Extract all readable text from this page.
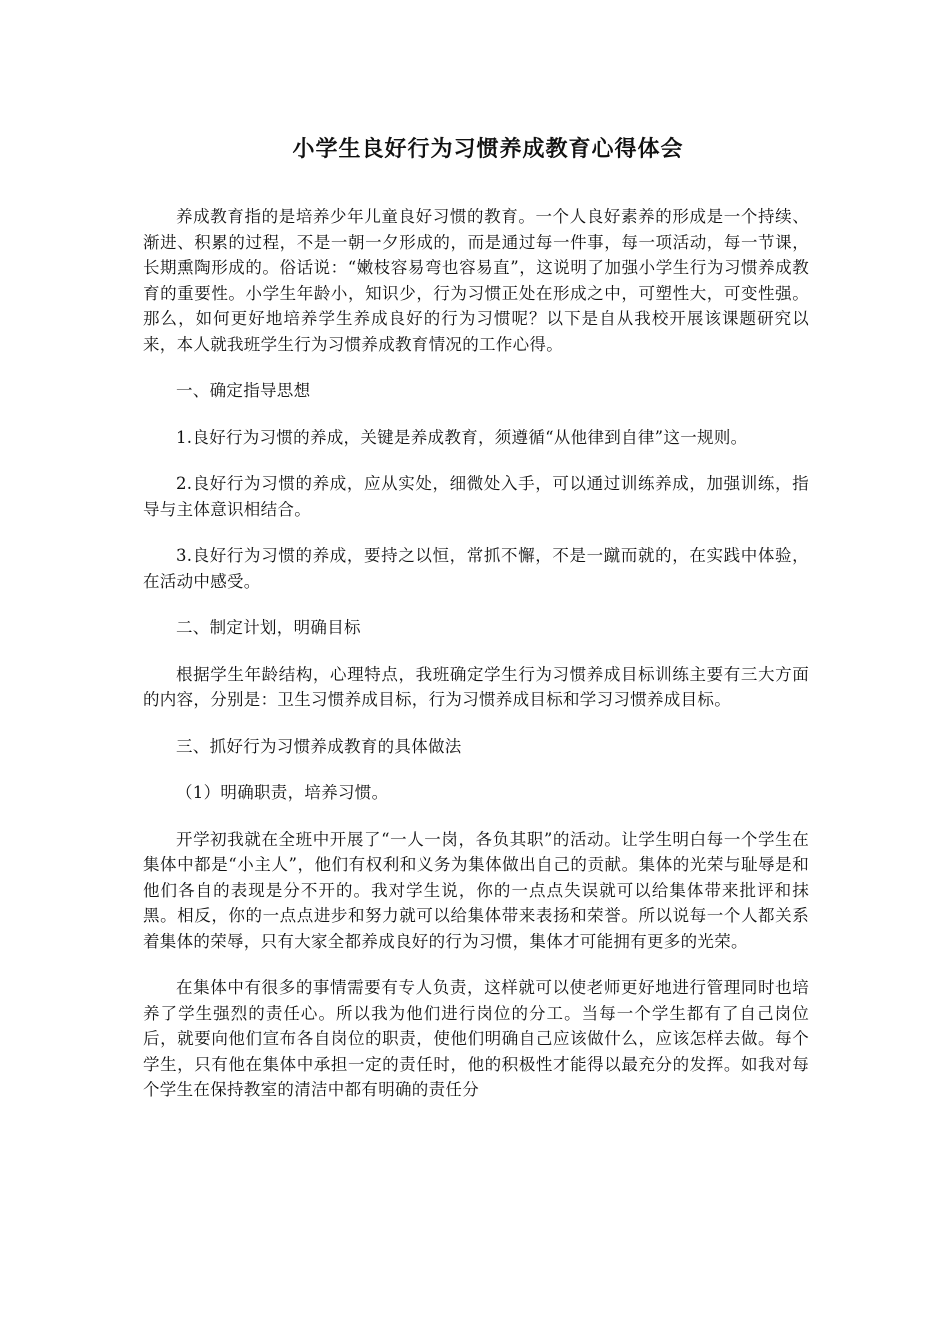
小学生良好行为习惯养成教育心得体会

养成教育指的是培养少年儿童良好习惯的教育。一个人良好素养的形成是一个持续、渐进、积累的过程，不是一朝一夕形成的，而是通过每一件事，每一项活动，每一节课，长期熏陶形成的。俗话说：“嫩枝容易弯也容易直”，这说明了加强小学生行为习惯养成教育的重要性。小学生年龄小，知识少，行为习惯正处在形成之中，可塑性大，可变性强。那么，如何更好地培养学生养成良好的行为习惯呢？以下是自从我校开展该课题研究以来，本人就我班学生行为习惯养成教育情况的工作心得。

一、确定指导思想

1.良好行为习惯的养成，关键是养成教育，须遵循“从他律到自律”这一规则。

2.良好行为习惯的养成，应从实处，细微处入手，可以通过训练养成，加强训练，指导与主体意识相结合。

3.良好行为习惯的养成，要持之以恒，常抓不懈，不是一蹴而就的，在实践中体验，在活动中感受。

二、制定计划，明确目标

根据学生年龄结构，心理特点，我班确定学生行为习惯养成目标训练主要有三大方面的内容，分别是：卫生习惯养成目标，行为习惯养成目标和学习习惯养成目标。

三、抓好行为习惯养成教育的具体做法

（1）明确职责，培养习惯。

开学初我就在全班中开展了“一人一岗，各负其职”的活动。让学生明白每一个学生在集体中都是“小主人”，他们有权利和义务为集体做出自己的贡献。集体的光荣与耻辱是和他们各自的表现是分不开的。我对学生说，你的一点点失误就可以给集体带来批评和抹黑。相反，你的一点点进步和努力就可以给集体带来表扬和荣誉。所以说每一个人都关系着集体的荣辱，只有大家全都养成良好的行为习惯，集体才可能拥有更多的光荣。

在集体中有很多的事情需要有专人负责，这样就可以使老师更好地进行管理同时也培养了学生强烈的责任心。所以我为他们进行岗位的分工。当每一个学生都有了自己岗位后，就要向他们宣布各自岗位的职责，使他们明确自己应该做什么，应该怎样去做。每个学生，只有他在集体中承担一定的责任时，他的积极性才能得以最充分的发挥。如我对每个学生在保持教室的清洁中都有明确的责任分
